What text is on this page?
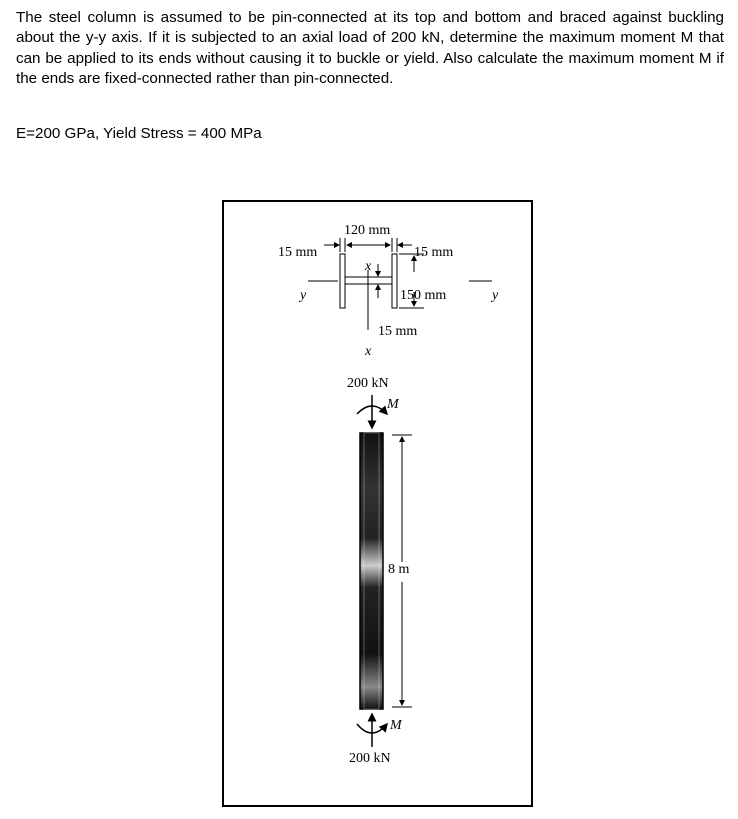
The steel column is assumed to be pin-connected at its top and bottom and braced against buckling about the y-y axis. If it is subjected to an axial load of 200 kN, determine the maximum moment M that can be applied to its ends without causing it to buckle or yield. Also calculate the maximum moment M if the ends are fixed-connected rather than pin-connected.

E=200 GPa, Yield Stress = 400 MPa
120 mm
15 mm	15 mm
x
x
y	y
150 mm
15 mm
200 kN
M
8 m
M
200 kN
